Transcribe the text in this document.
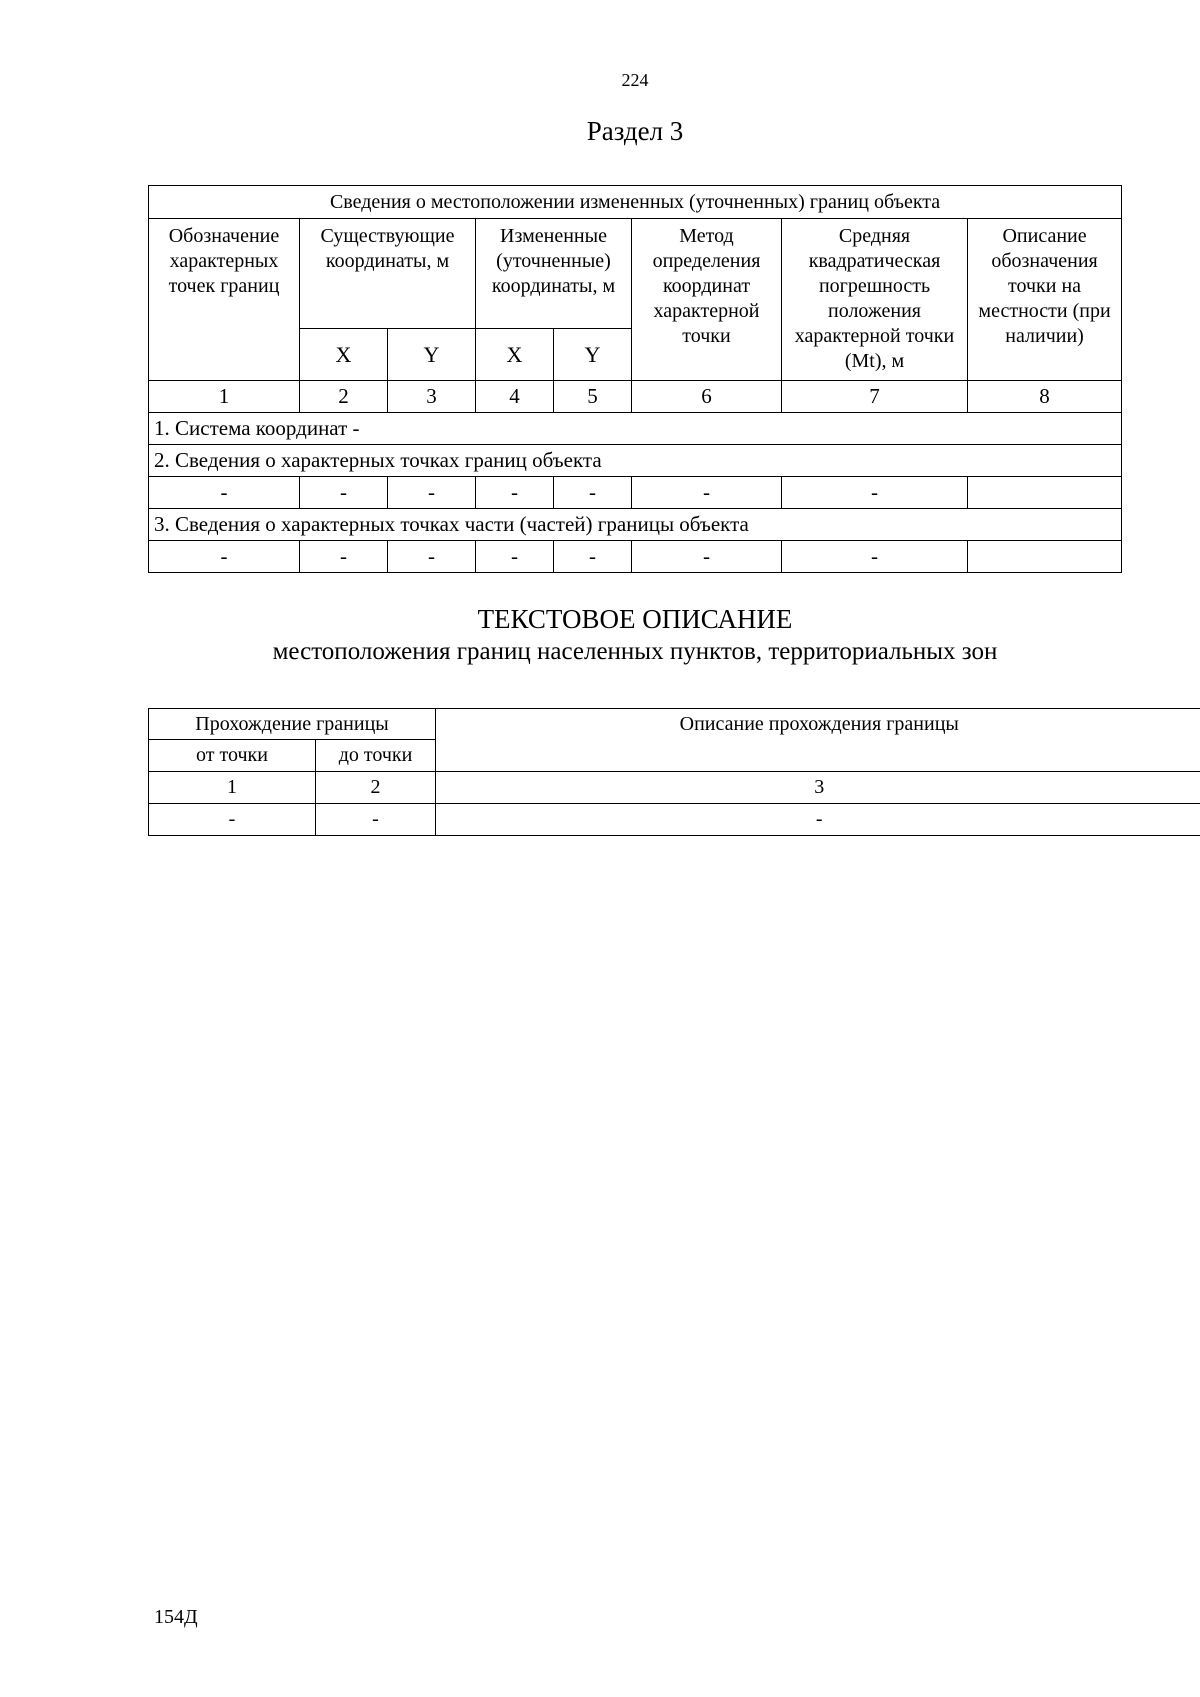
224
Раздел 3
Сведения о местоположении измененных (уточненных) границ объекта							
Обозначение характерных точек границ	Существующие координаты, м		Измененные (уточненные) координаты, м		Метод определения координат характерной точки	Средняя квадратическая погрешность положения характерной точки (Mt), м	Описание обозначения точки на местности (при наличии)
	X	Y	X	Y			
1	2	3	4	5	6	7	8
1. Система координат -							
2. Сведения о характерных точках границ объекта							
-	-	-	-	-	-	-	
3. Сведения о характерных точках части (частей) границы объекта							
-	-	-	-	-	-	-	
ТЕКСТОВОЕ ОПИСАНИЕ
местоположения границ населенных пунктов, территориальных зон
Прохождение границы		Описание прохождения границы
от точки	до точки	
1	2	3
-	-	-
154Д
